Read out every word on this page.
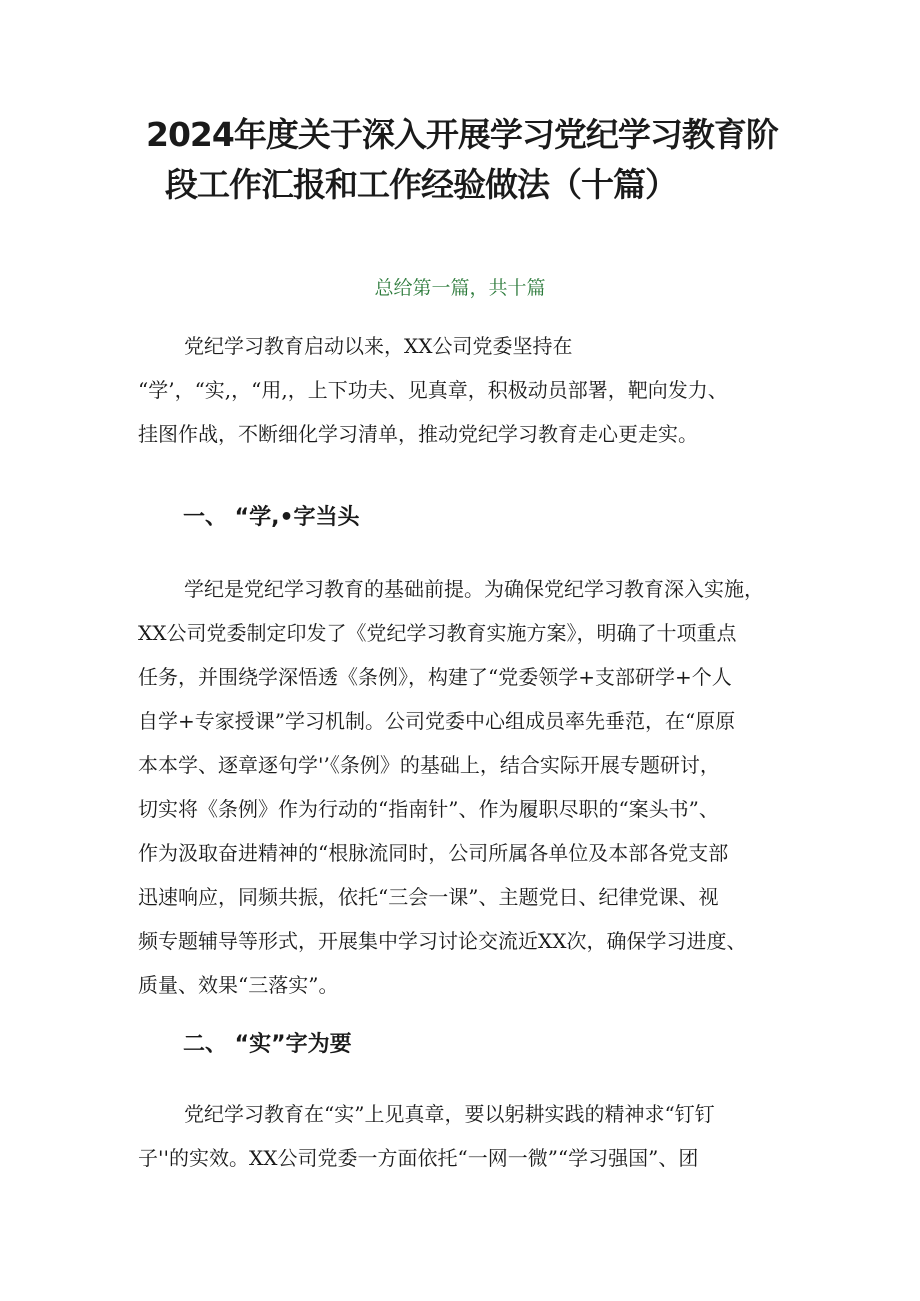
2024年度关于深入开展学习党纪学习教育阶
段工作汇报和工作经验做法（十篇）

总给第一篇，共十篇

党纪学习教育启动以来，XX公司党委坚持在
“学’，“实,，“用,，上下功夫、见真章，积极动员部署，靶向发力、
挂图作战，不断细化学习清单，推动党纪学习教育走心更走实。
一、 “学,•字当头
学纪是党纪学习教育的基础前提。为确保党纪学习教育深入实施，
XX公司党委制定印发了《党纪学习教育实施方案》，明确了十项重点
任务，并围绕学深悟透《条例》，构建了“党委领学+支部研学+个人
自学+专家授课”学习机制。公司党委中心组成员率先垂范，在“原原
本本学、逐章逐句学'’《条例》的基础上，结合实际开展专题研讨，
切实将《条例》作为行动的“指南针”、作为履职尽职的“案头书”、
作为汲取奋进精神的“根脉流同时，公司所属各单位及本部各党支部
迅速响应，同频共振，依托“三会一课”、主题党日、纪律党课、视
频专题辅导等形式，开展集中学习讨论交流近XX次，确保学习进度、
质量、效果“三落实”。
二、 “实”字为要
党纪学习教育在“实”上见真章，要以躬耕实践的精神求“钉钉
子''的实效。XX公司党委一方面依托“一网一微”“学习强国”、团
